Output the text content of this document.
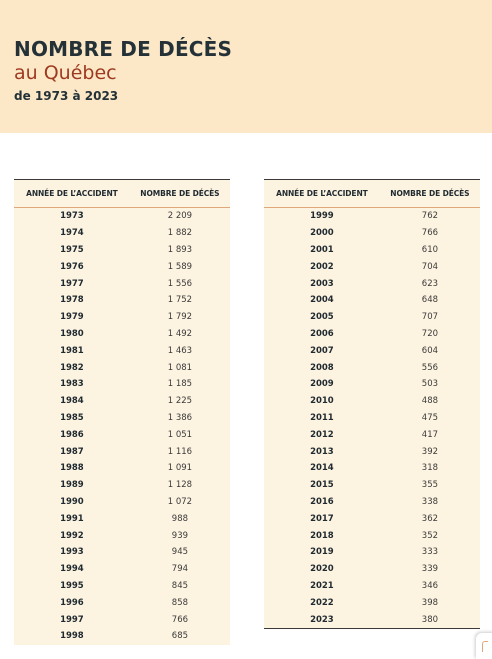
NOMBRE DE DÉCÈS
au Québec

de 1973 à 2023

ANNÉE DE L’ACCIDENT	NOMBRE DE DÉCÈS
1973	2 209
1974	1 882
1975	1 893
1976	1 589
1977	1 556
1978	1 752
1979	1 792
1980	1 492
1981	1 463
1982	1 081
1983	1 185
1984	1 225
1985	1 386
1986	1 051
1987	1 116
1988	1 091
1989	1 128
1990	1 072
1991	988
1992	939
1993	945
1994	794
1995	845
1996	858
1997	766
1998	685
ANNÉE DE L’ACCIDENT	NOMBRE DE DÉCÈS
1999	762
2000	766
2001	610
2002	704
2003	623
2004	648
2005	707
2006	720
2007	604
2008	556
2009	503
2010	488
2011	475
2012	417
2013	392
2014	318
2015	355
2016	338
2017	362
2018	352
2019	333
2020	339
2021	346
2022	398
2023	380
